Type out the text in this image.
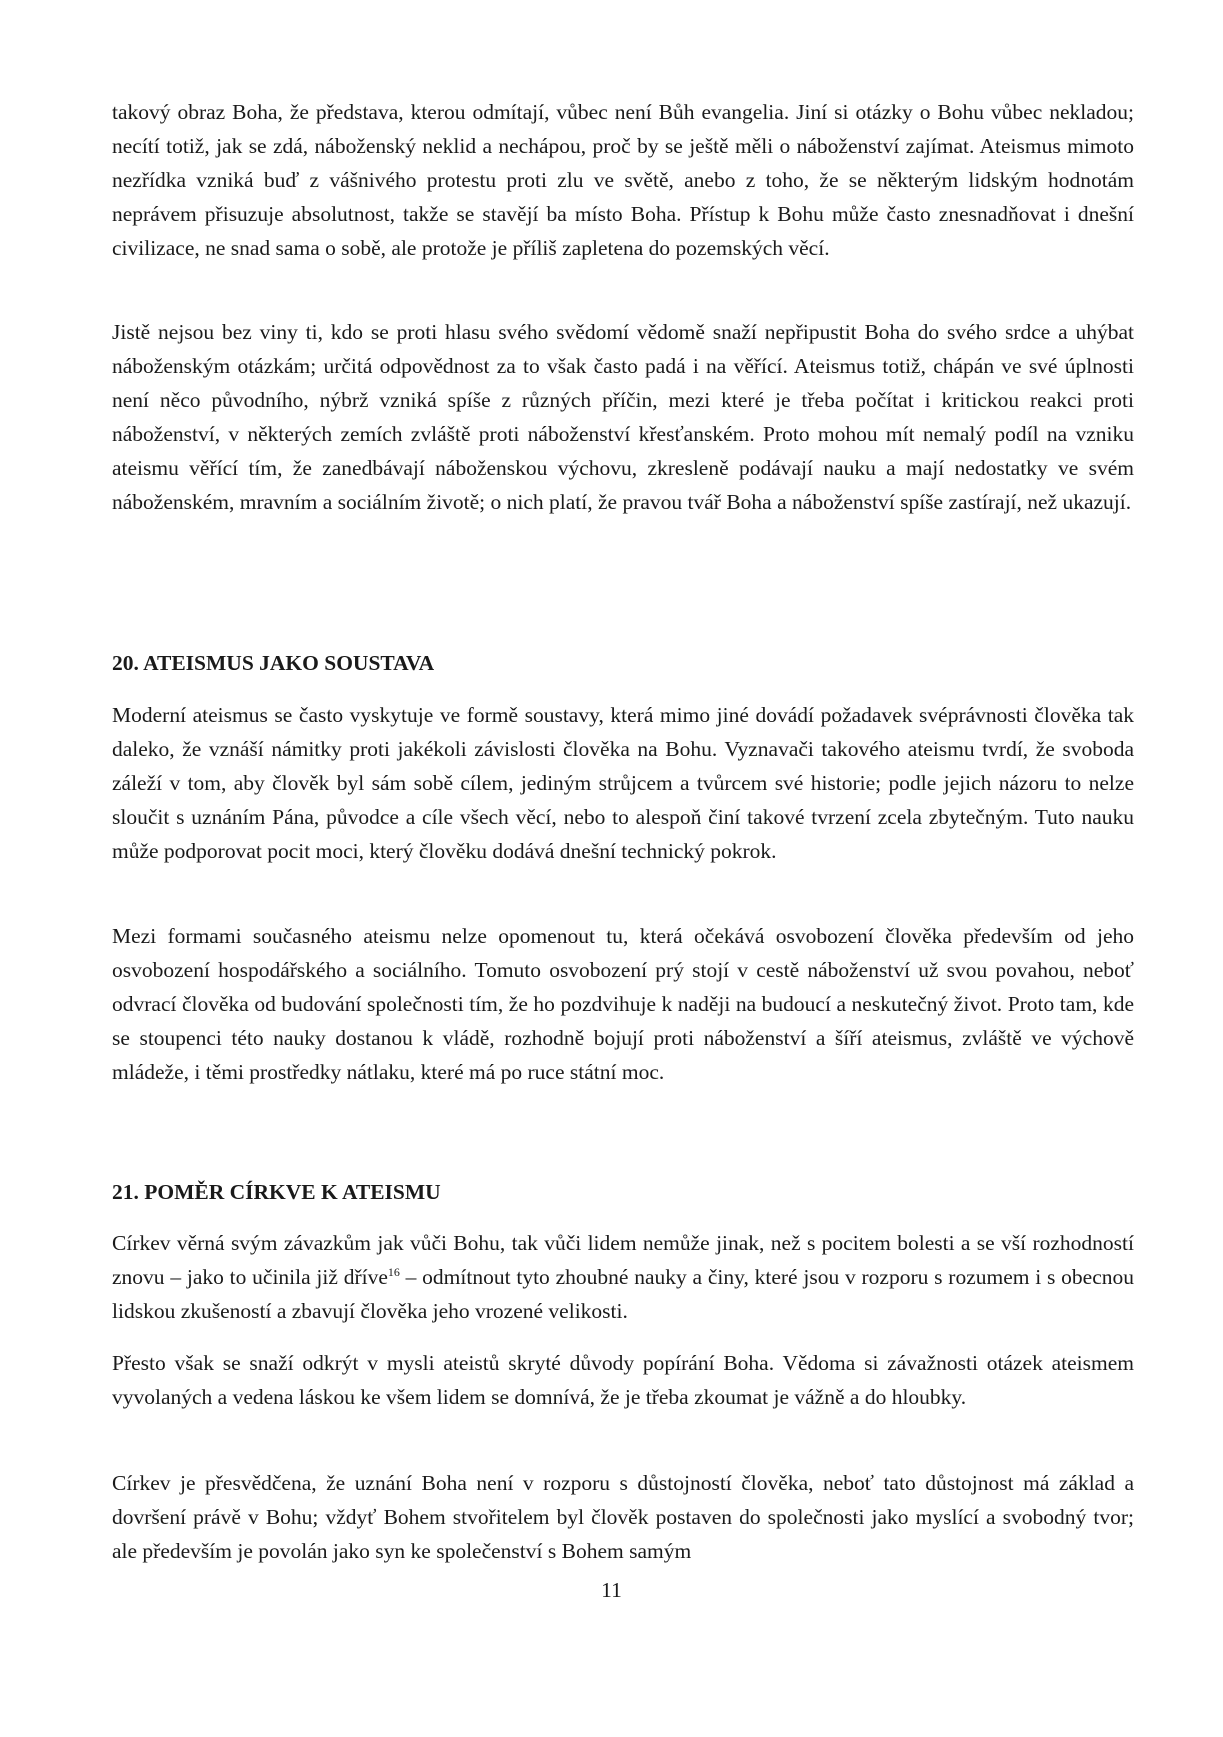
takový obraz Boha, že představa, kterou odmítají, vůbec není Bůh evangelia. Jiní si otázky o Bohu vůbec nekladou; necítí totiž, jak se zdá, náboženský neklid a nechápou, proč by se ještě měli o náboženství zajímat. Ateismus mimoto nezřídka vzniká buď z vášnivého protestu proti zlu ve světě, anebo z toho, že se některým lidským hodnotám neprávem přisuzuje absolutnost, takže se stavějí ba místo Boha. Přístup k Bohu může často znesnadňovat i dnešní civilizace, ne snad sama o sobě, ale protože je příliš zapletena do pozemských věcí.

Jistě nejsou bez viny ti, kdo se proti hlasu svého svědomí vědomě snaží nepřipustit Boha do svého srdce a uhýbat náboženským otázkám; určitá odpovědnost za to však často padá i na věřící. Ateismus totiž, chápán ve své úplnosti není něco původního, nýbrž vzniká spíše z různých příčin, mezi které je třeba počítat i kritickou reakci proti náboženství, v některých zemích zvláště proti náboženství křesťanském. Proto mohou mít nemalý podíl na vzniku ateismu věřící tím, že zanedbávají náboženskou výchovu, zkresleně podávají nauku a mají nedostatky ve svém náboženském, mravním a sociálním životě; o nich platí, že pravou tvář Boha a náboženství spíše zastírají, než ukazují.

20. ATEISMUS JAKO SOUSTAVA

Moderní ateismus se často vyskytuje ve formě soustavy, která mimo jiné dovádí požadavek svéprávnosti člověka tak daleko, že vznáší námitky proti jakékoli závislosti člověka na Bohu. Vyznavači takového ateismu tvrdí, že svoboda záleží v tom, aby člověk byl sám sobě cílem, jediným strůjcem a tvůrcem své historie; podle jejich názoru to nelze sloučit s uznáním Pána, původce a cíle všech věcí, nebo to alespoň činí takové tvrzení zcela zbytečným. Tuto nauku může podporovat pocit moci, který člověku dodává dnešní technický pokrok.

Mezi formami současného ateismu nelze opomenout tu, která očekává osvobození člověka především od jeho osvobození hospodářského a sociálního. Tomuto osvobození prý stojí v cestě náboženství už svou povahou, neboť odvrací člověka od budování společnosti tím, že ho pozdvihuje k naději na budoucí a neskutečný život. Proto tam, kde se stoupenci této nauky dostanou k vládě, rozhodně bojují proti náboženství a šíří ateismus, zvláště ve výchově mládeže, i těmi prostředky nátlaku, které má po ruce státní moc.

21. POMĚR CÍRKVE K ATEISMU

Církev věrná svým závazkům jak vůči Bohu, tak vůči lidem nemůže jinak, než s pocitem bolesti a se vší rozhodností znovu – jako to učinila již dříve$^{16}$ – odmítnout tyto zhoubné nauky a činy, které jsou v rozporu s rozumem i s obecnou lidskou zkušeností a zbavují člověka jeho vrozené velikosti.

Přesto však se snaží odkrýt v mysli ateistů skryté důvody popírání Boha. Vědoma si závažnosti otázek ateismem vyvolaných a vedena láskou ke všem lidem se domnívá, že je třeba zkoumat je vážně a do hloubky.

Církev je přesvědčena, že uznání Boha není v rozporu s důstojností člověka, neboť tato důstojnost má základ a dovršení právě v Bohu; vždyť Bohem stvořitelem byl člověk postaven do společnosti jako myslící a svobodný tvor; ale především je povolán jako syn ke společenství s Bohem samým

11
